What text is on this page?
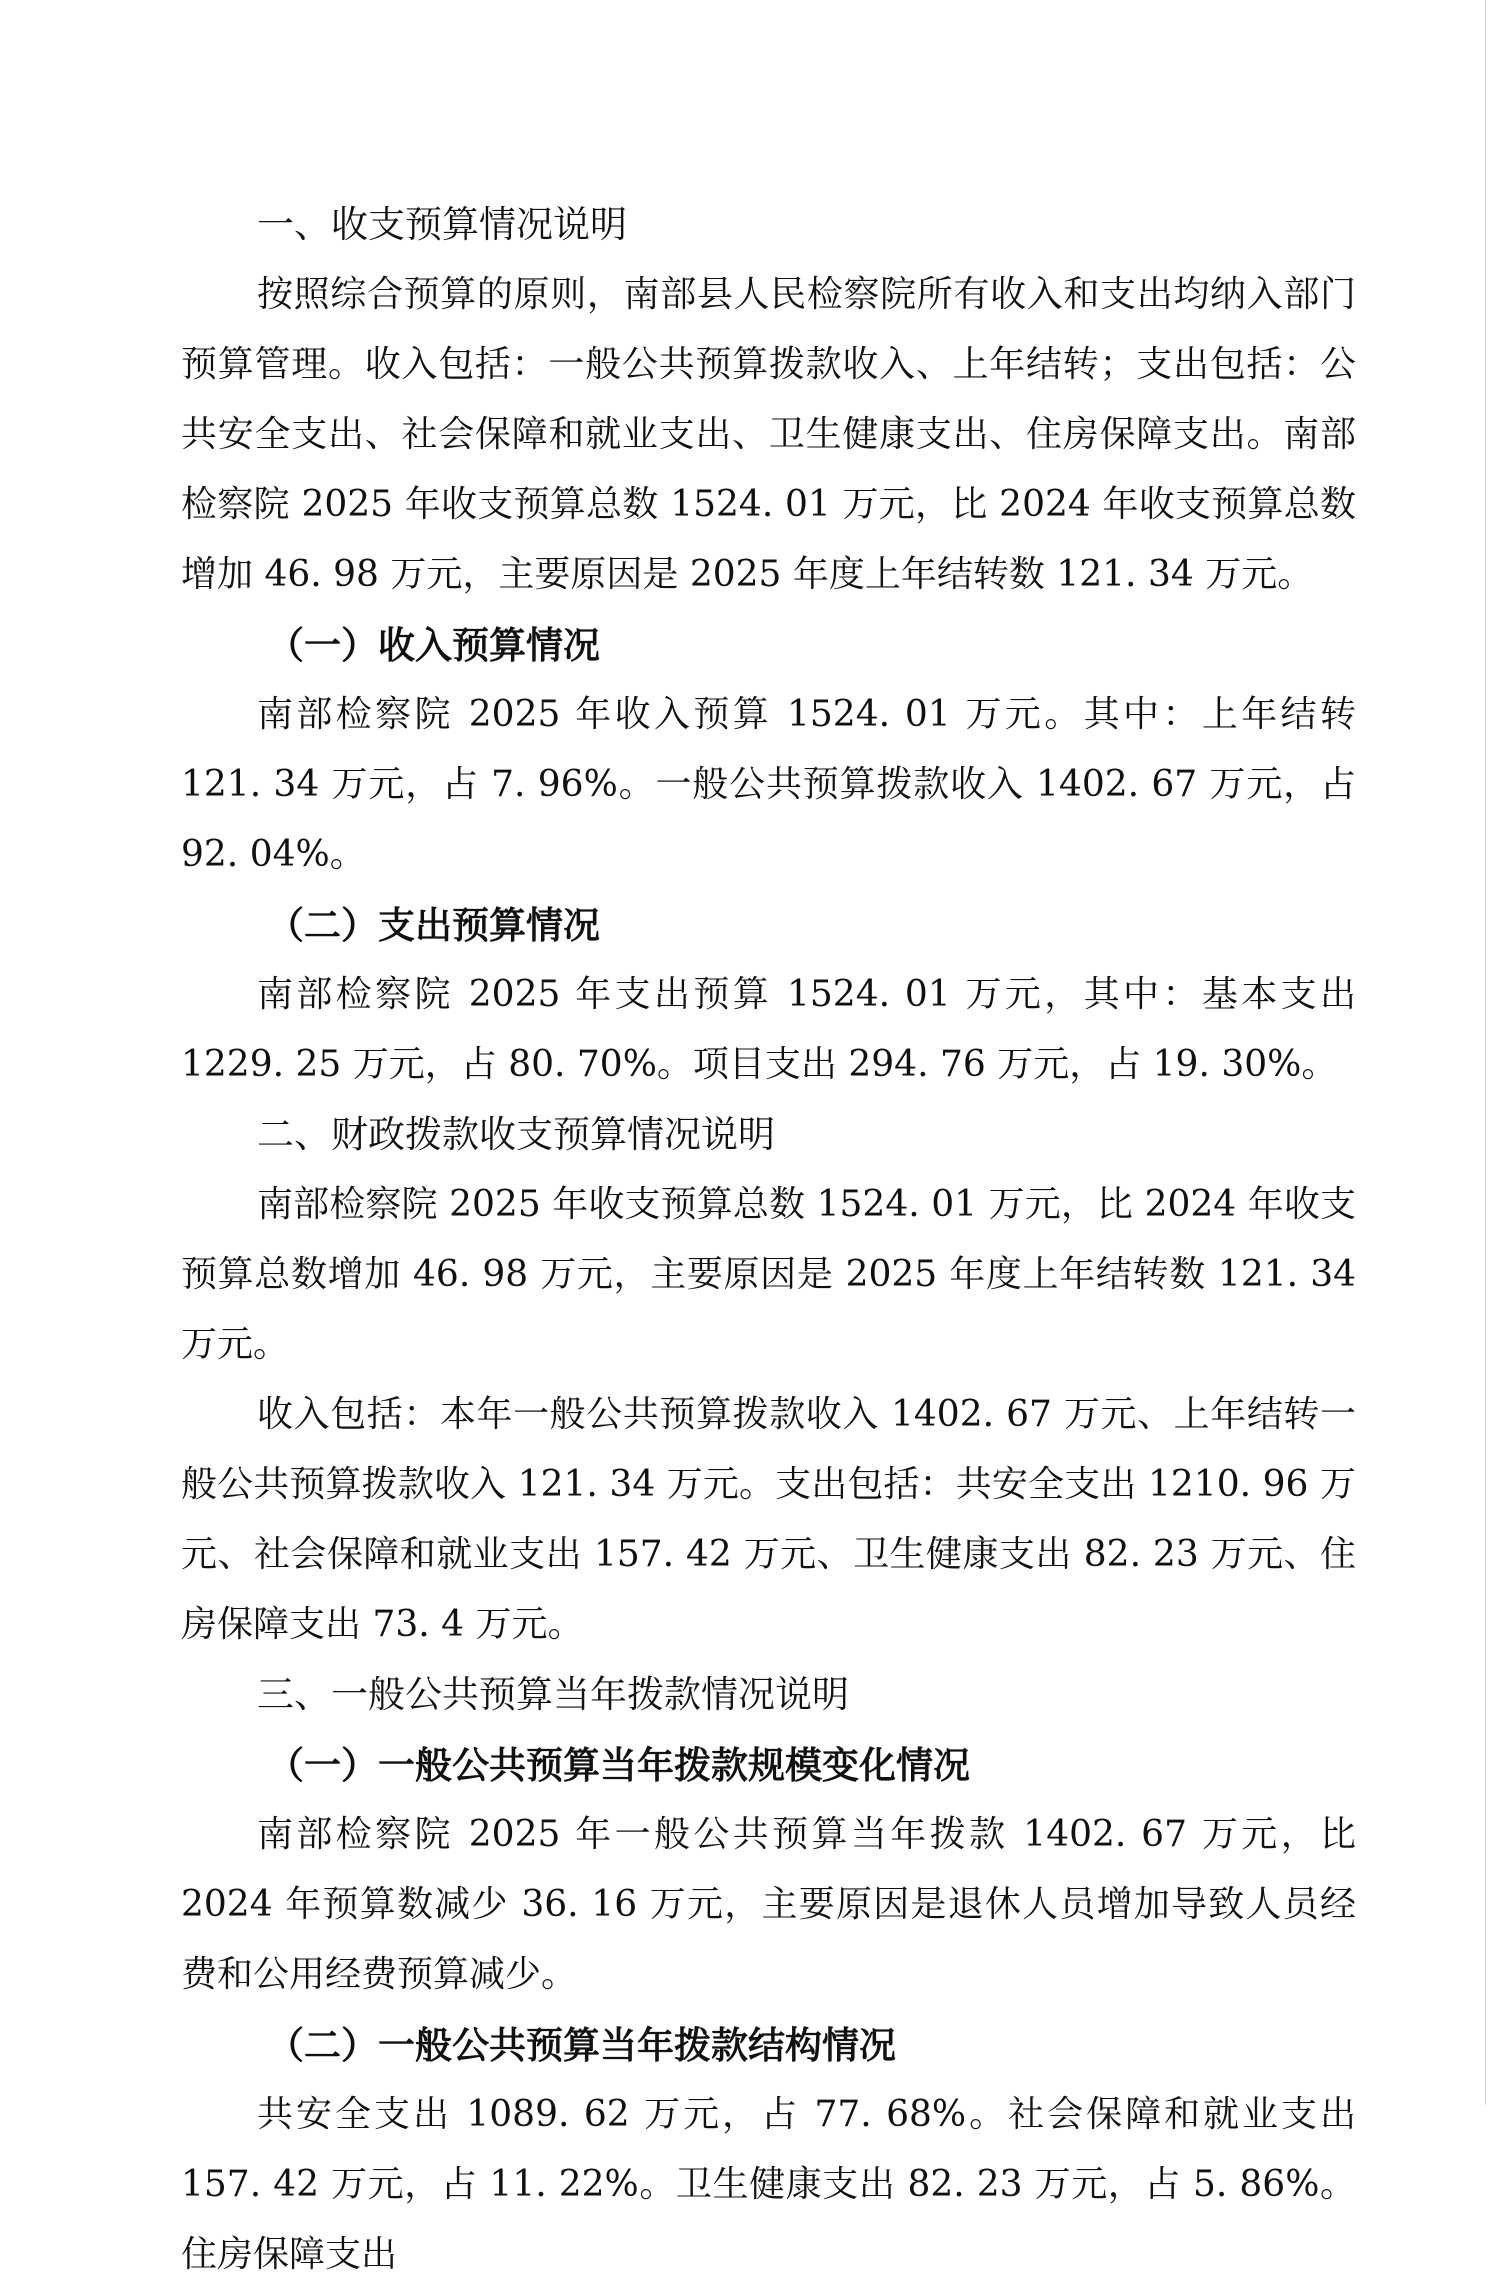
一、收支预算情况说明

按照综合预算的原则，南部县人民检察院所有收入和支出均纳入部门预算管理。收入包括：一般公共预算拨款收入、上年结转；支出包括：公共安全支出、社会保障和就业支出、卫生健康支出、住房保障支出。南部检察院 2025 年收支预算总数 1524. 01 万元，比 2024 年收支预算总数增加 46. 98 万元，主要原因是 2025 年度上年结转数 121. 34 万元。

（一）收入预算情况

南部检察院 2025 年收入预算 1524. 01 万元。其中：上年结转 121. 34 万元，占 7. 96%。一般公共预算拨款收入 1402. 67 万元，占 92. 04%。

（二）支出预算情况

南部检察院 2025 年支出预算 1524. 01 万元，其中：基本支出 1229. 25 万元，占 80. 70%。项目支出 294. 76 万元，占 19. 30%。

二、财政拨款收支预算情况说明

南部检察院 2025 年收支预算总数 1524. 01 万元，比 2024 年收支预算总数增加 46. 98 万元，主要原因是 2025 年度上年结转数 121. 34 万元。

收入包括：本年一般公共预算拨款收入 1402. 67 万元、上年结转一般公共预算拨款收入 121. 34 万元。支出包括：共安全支出 1210. 96 万元、社会保障和就业支出 157. 42 万元、卫生健康支出 82. 23 万元、住房保障支出 73. 4 万元。

三、一般公共预算当年拨款情况说明

（一）一般公共预算当年拨款规模变化情况

南部检察院 2025 年一般公共预算当年拨款 1402. 67 万元，比 2024 年预算数减少 36. 16 万元，主要原因是退休人员增加导致人员经费和公用经费预算减少。

（二）一般公共预算当年拨款结构情况

共安全支出 1089. 62 万元，占 77. 68%。社会保障和就业支出 157. 42 万元，占 11. 22%。卫生健康支出 82. 23 万元，占 5. 86%。住房保障支出
